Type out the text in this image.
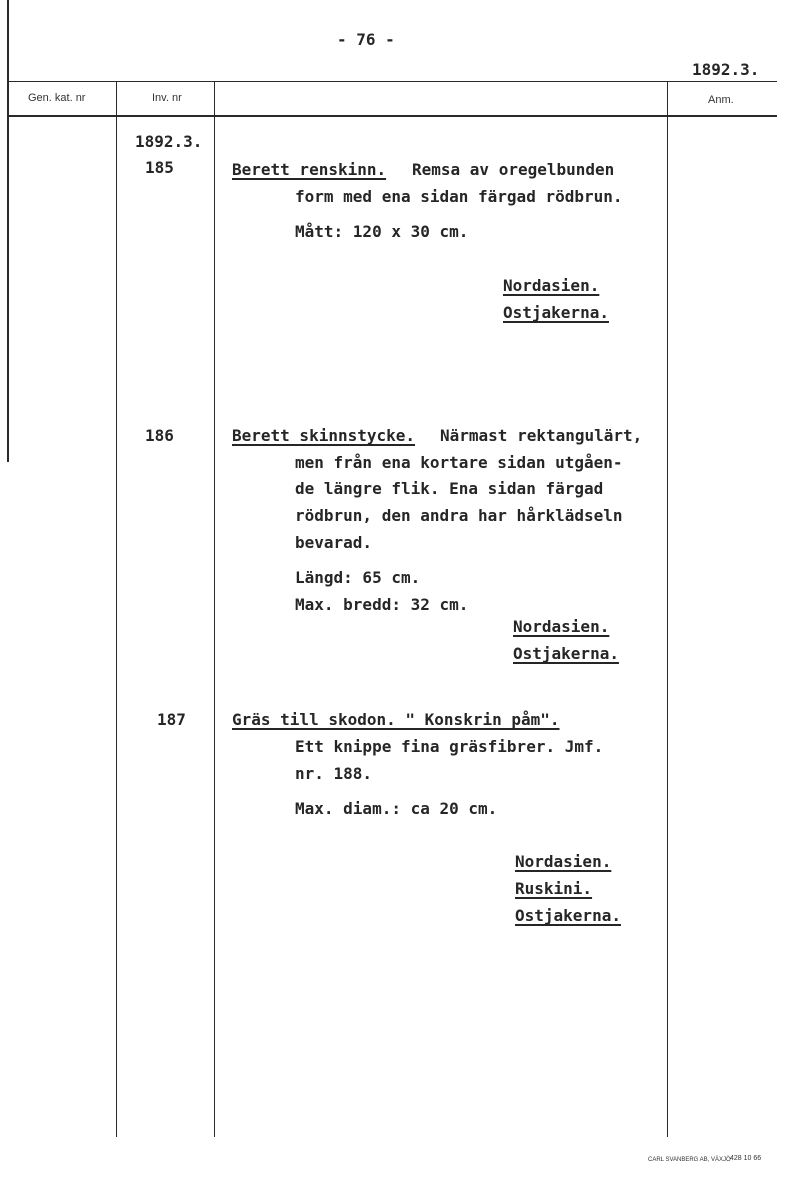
- 76 -
1892.3.
Gen. kat. nr	Inv. nr	Anm.
1892.3.
185	Berett renskinn. Remsa av oregelbunden
form med ena sidan färgad rödbrun.
Mått: 120 x 30 cm.
Nordasien.
Ostjakerna.
186	Berett skinnstycke. Närmast rektangulärt,
men från ena kortare sidan utgåen-
de längre flik. Ena sidan färgad
rödbrun, den andra har hårklädseln
bevarad.
Längd: 65 cm.
Max. bredd: 32 cm.
Nordasien.
Ostjakerna.
187	Gräs till skodon. " Konskrin påm".
Ett knippe fina gräsfibrer. Jmf.
nr. 188.
Max. diam.: ca 20 cm.
Nordasien.
Ruskini.
Ostjakerna.
CARL SVANBERG AB, VÄXJÖ 428 10 66
